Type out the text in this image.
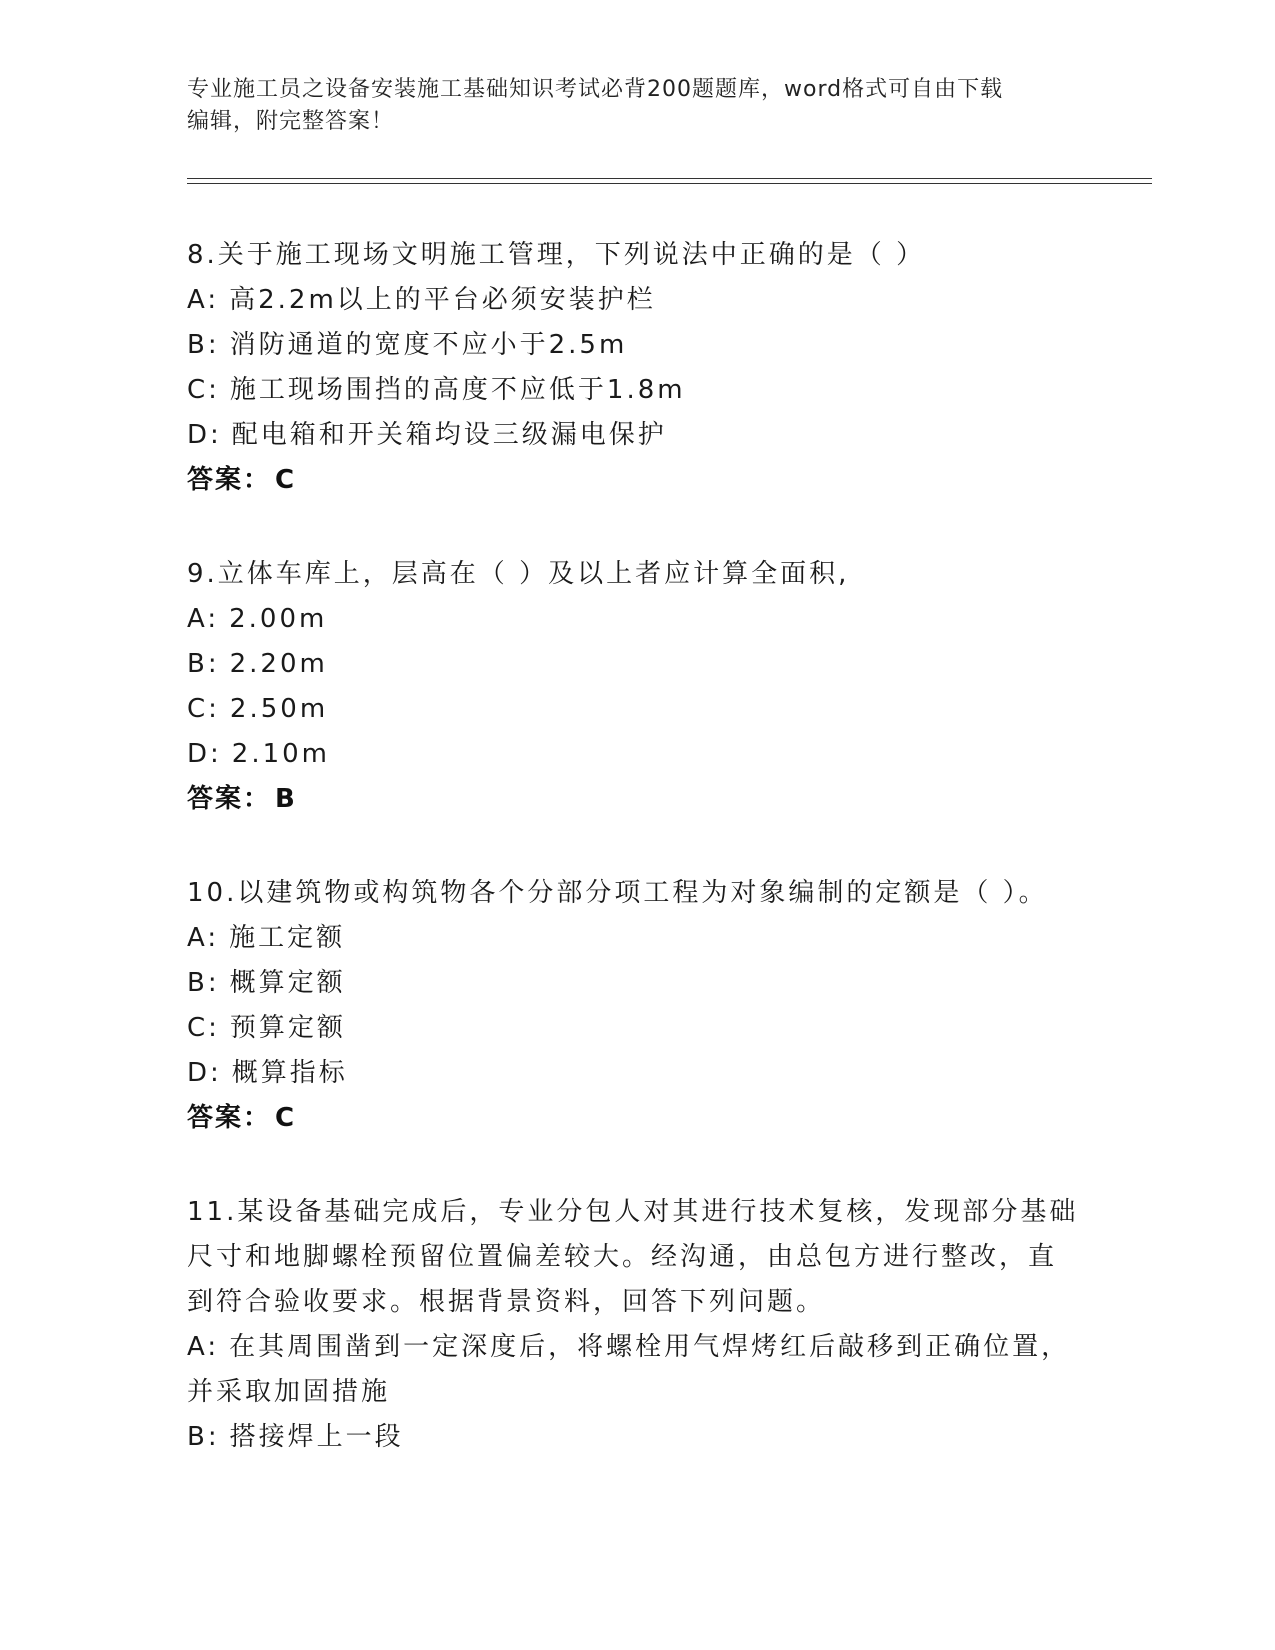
专业施工员之设备安装施工基础知识考试必背200题题库，word格式可自由下载
编辑，附完整答案！

8.关于施工现场文明施工管理，下列说法中正确的是（ ）

A: 高2.2m以上的平台必须安装护栏

B: 消防通道的宽度不应小于2.5m

C: 施工现场围挡的高度不应低于1.8m

D: 配电箱和开关箱均设三级漏电保护

答案： C

9.立体车库上，层高在（ ）及以上者应计算全面积,

A: 2.00m

B: 2.20m

C: 2.50m

D: 2.10m

答案： B

10.以建筑物或构筑物各个分部分项工程为对象编制的定额是（ ）。

A: 施工定额

B: 概算定额

C: 预算定额

D: 概算指标

答案： C

11.某设备基础完成后，专业分包人对其进行技术复核，发现部分基础

尺寸和地脚螺栓预留位置偏差较大。经沟通，由总包方进行整改，直

到符合验收要求。根据背景资料，回答下列问题。

A: 在其周围凿到一定深度后，将螺栓用气焊烤红后敲移到正确位置，

并采取加固措施

B: 搭接焊上一段
